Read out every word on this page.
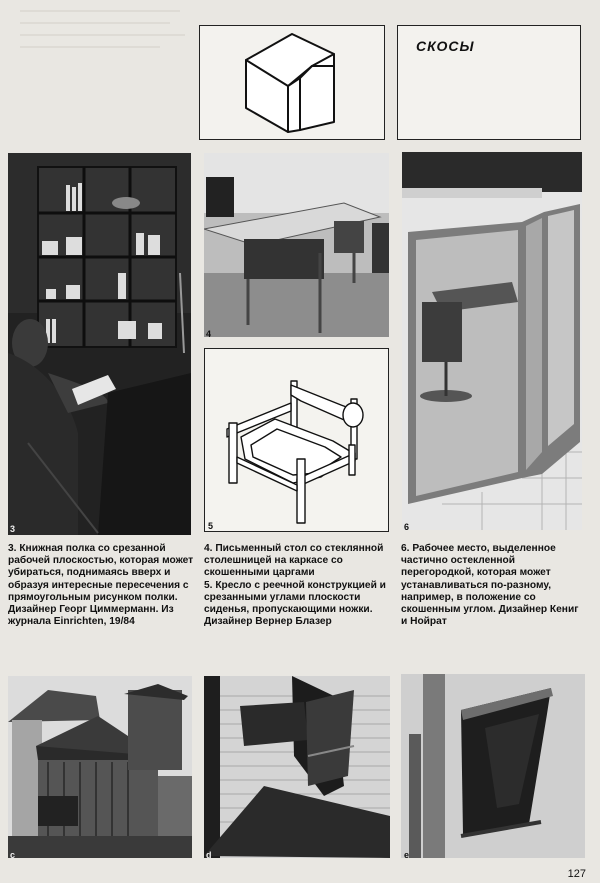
СКОСЫ
3
4
5	6

3. Книжная полка со срезанной рабочей плоскостью, которая может убираться, поднимаясь вверх и образуя интересные пересечения с прямоугольным рисунком полки. Дизайнер Георг Циммерманн. Из журнала Einrichten, 19/84

4. Письменный стол со стеклянной столешницей на каркасе со скошенными царгами

5. Кресло с реечной конструкцией и срезанными углами плоскости сиденья, пропускающими ножки. Дизайнер Вернер Блазер

6. Рабочее место, выделенное частично остекленной перегородкой, которая может устанавливаться по-разному, например, в положение со скошенным углом. Дизайнер Кениг и Нойрат

c	d	e
127
